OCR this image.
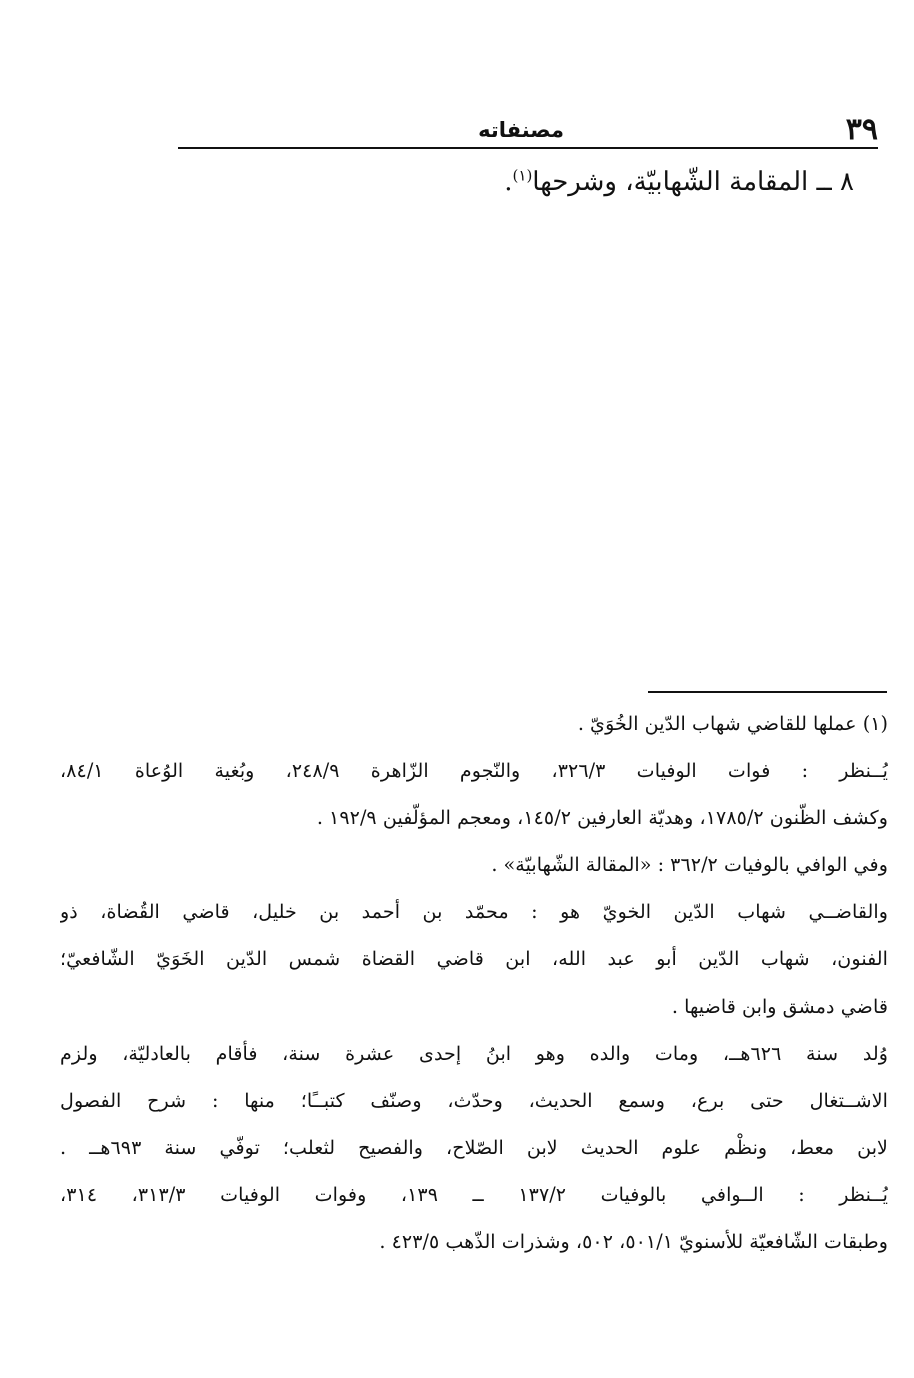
٣٩
مصنفاته
٨ ــ المقامة الشّهابيّة، وشرحها$^{(١)}$.
(١) عملها للقاضي شهاب الدّين الخُوَيّ .
يُــنظر : فوات الوفيات ٣٢٦/٣، والنّجوم الزّاهرة ٢٤٨/٩، وبُغية الوُعاة ٨٤/١،
وكشف الظّنون ١٧٨٥/٢، وهديّة العارفين ١٤٥/٢، ومعجم المؤلّفين ١٩٢/٩ .
وفي الوافي بالوفيات ٣٦٢/٢ : «المقالة الشّهابيّة» .
والقاضــي شهاب الدّين الخويّ هو : محمّد بن أحمد بن خليل، قاضي القُضاة، ذو
الفنون، شهاب الدّين أبو عبد الله، ابن قاضي القضاة شمس الدّين الخَوَيّ الشّافعيّ؛
قاضي دمشق وابن قاضيها .
وُلد سنة ٦٢٦هــ، ومات والده وهو ابنُ إحدى عشرة سنة، فأقام بالعادليّة، ولزم
الاشــتغال حتى برع، وسمع الحديث، وحدّث، وصنّف كتبــًا؛ منها : شرح الفصول
لابن معط، ونظْم علوم الحديث لابن الصّلاح، والفصيح لثعلب؛ توفّي سنة ٦٩٣هــ .
يُــنظر : الــوافي بالوفيات ١٣٧/٢ ــ ١٣٩، وفوات الوفيات ٣١٣/٣، ٣١٤،
وطبقات الشّافعيّة للأسنويّ ٥٠١/١، ٥٠٢، وشذرات الذّهب ٤٢٣/٥ .
